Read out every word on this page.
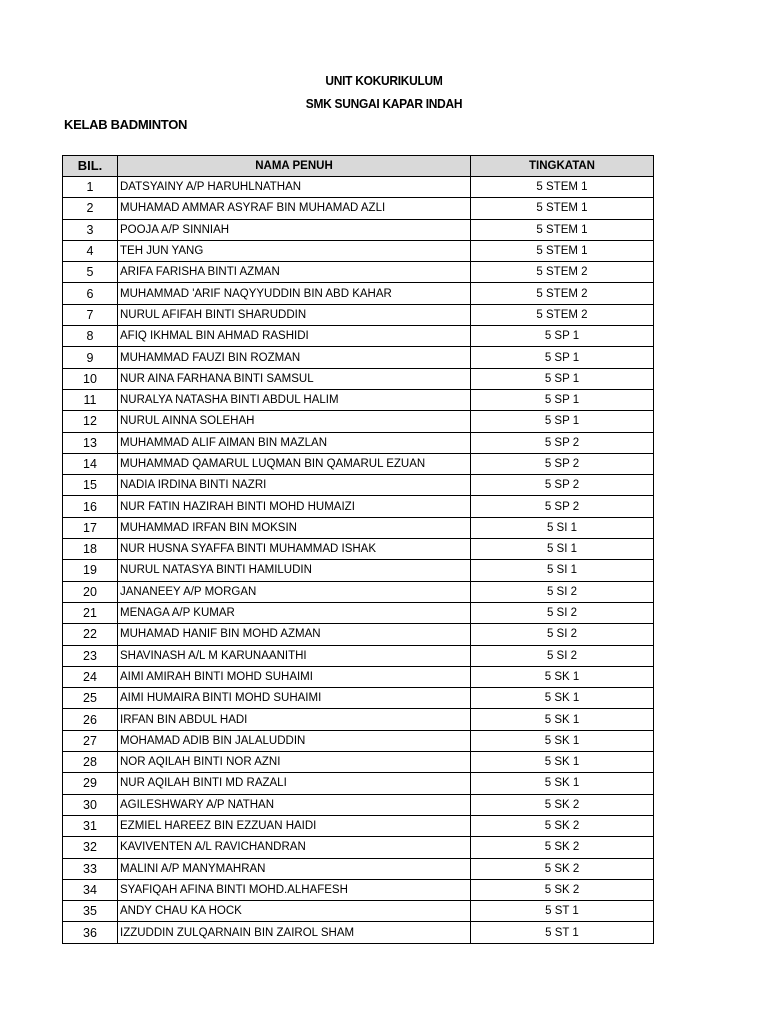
UNIT KOKURIKULUM
SMK SUNGAI KAPAR INDAH
KELAB BADMINTON
BIL.	NAMA PENUH	TINGKATAN
1	DATSYAINY A/P HARUHLNATHAN	5 STEM 1
2	MUHAMAD AMMAR ASYRAF BIN MUHAMAD AZLI	5 STEM 1
3	POOJA A/P SINNIAH	5 STEM 1
4	TEH JUN YANG	5 STEM 1
5	ARIFA FARISHA BINTI AZMAN	5 STEM 2
6	MUHAMMAD 'ARIF NAQYYUDDIN BIN ABD KAHAR	5 STEM 2
7	NURUL AFIFAH BINTI SHARUDDIN	5 STEM 2
8	AFIQ IKHMAL BIN AHMAD RASHIDI	5 SP 1
9	MUHAMMAD FAUZI BIN ROZMAN	5 SP 1
10	NUR AINA FARHANA BINTI SAMSUL	5 SP 1
11	NURALYA NATASHA BINTI ABDUL HALIM	5 SP 1
12	NURUL AINNA SOLEHAH	5 SP 1
13	MUHAMMAD ALIF AIMAN BIN MAZLAN	5 SP 2
14	MUHAMMAD QAMARUL LUQMAN BIN QAMARUL EZUAN	5 SP 2
15	NADIA IRDINA BINTI NAZRI	5 SP 2
16	NUR FATIN HAZIRAH BINTI MOHD HUMAIZI	5 SP 2
17	MUHAMMAD IRFAN BIN MOKSIN	5 SI 1
18	NUR HUSNA SYAFFA BINTI MUHAMMAD ISHAK	5 SI 1
19	NURUL NATASYA BINTI HAMILUDIN	5 SI 1
20	JANANEEY A/P MORGAN	5 SI 2
21	MENAGA A/P KUMAR	5 SI 2
22	MUHAMAD HANIF BIN MOHD AZMAN	5 SI 2
23	SHAVINASH A/L M KARUNAANITHI	5 SI 2
24	AIMI AMIRAH BINTI MOHD SUHAIMI	5 SK 1
25	AIMI HUMAIRA BINTI MOHD SUHAIMI	5 SK 1
26	IRFAN BIN ABDUL HADI	5 SK 1
27	MOHAMAD ADIB BIN JALALUDDIN	5 SK 1
28	NOR AQILAH BINTI NOR AZNI	5 SK 1
29	NUR AQILAH BINTI MD RAZALI	5 SK 1
30	AGILESHWARY A/P NATHAN	5 SK 2
31	EZMIEL HAREEZ BIN EZZUAN HAIDI	5 SK 2
32	KAVIVENTEN A/L RAVICHANDRAN	5 SK 2
33	MALINI A/P MANYMAHRAN	5 SK 2
34	SYAFIQAH AFINA BINTI MOHD.ALHAFESH	5 SK 2
35	ANDY CHAU KA HOCK	5 ST 1
36	IZZUDDIN ZULQARNAIN BIN ZAIROL SHAM	5 ST 1
